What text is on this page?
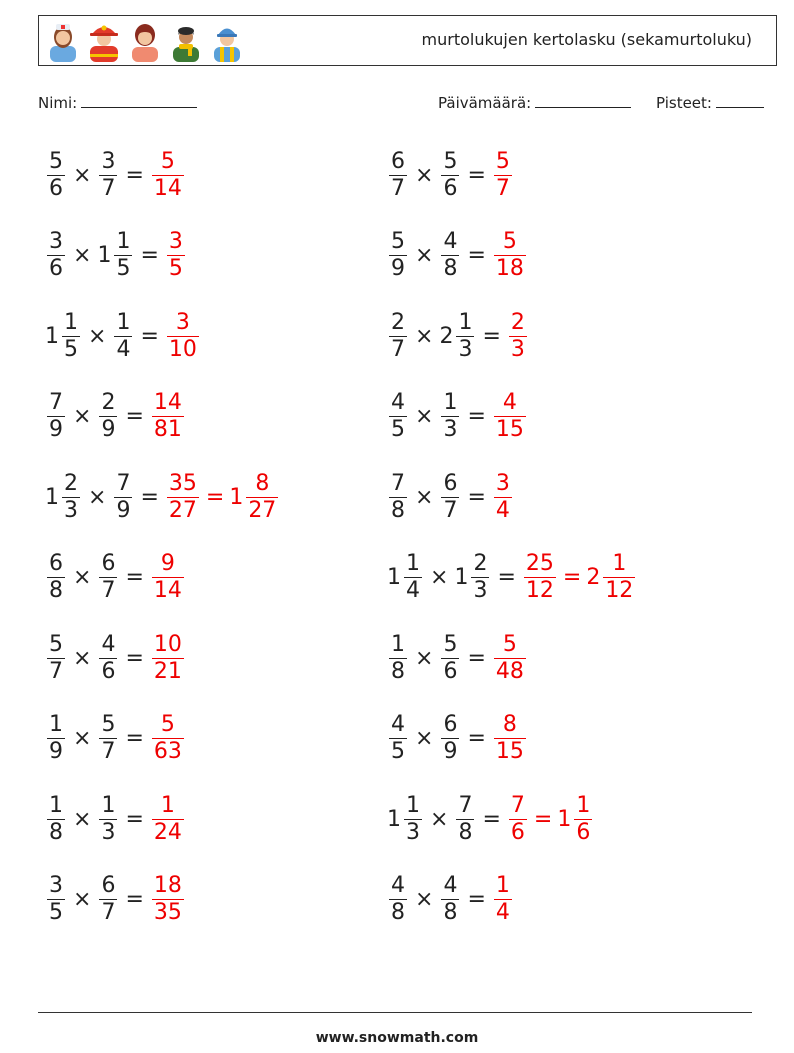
murtolukujen kertolasku (sekamurtoluku)
Nimi:	Päivämäärä:	Pisteet:
$\frac{5}{6} \times \frac{3}{7} = \frac{5}{14}$	$\frac{6}{7} \times \frac{5}{6} = \frac{5}{7}$
$\frac{3}{6} \times 1 \frac{1}{5} = \frac{3}{5}$	$\frac{5}{9} \times \frac{4}{8} = \frac{5}{18}$
$1 \frac{1}{5} \times \frac{1}{4} = \frac{3}{10}$	$\frac{2}{7} \times 2 \frac{1}{3} = \frac{2}{3}$
$\frac{7}{9} \times \frac{2}{9} = \frac{14}{81}$	$\frac{4}{5} \times \frac{1}{3} = \frac{4}{15}$
$1 \frac{2}{3} \times \frac{7}{9} = \frac{35}{27} = 1 \frac{8}{27}$	$\frac{7}{8} \times \frac{6}{7} = \frac{3}{4}$
$\frac{6}{8} \times \frac{6}{7} = \frac{9}{14}$	$1 \frac{1}{4} \times 1 \frac{2}{3} = \frac{25}{12} = 2 \frac{1}{12}$
$\frac{5}{7} \times \frac{4}{6} = \frac{10}{21}$	$\frac{1}{8} \times \frac{5}{6} = \frac{5}{48}$
$\frac{1}{9} \times \frac{5}{7} = \frac{5}{63}$	$\frac{4}{5} \times \frac{6}{9} = \frac{8}{15}$
$\frac{1}{8} \times \frac{1}{3} = \frac{1}{24}$	$1 \frac{1}{3} \times \frac{7}{8} = \frac{7}{6} = 1 \frac{1}{6}$
$\frac{3}{5} \times \frac{6}{7} = \frac{18}{35}$	$\frac{4}{8} \times \frac{4}{8} = \frac{1}{4}$
www.snowmath.com
